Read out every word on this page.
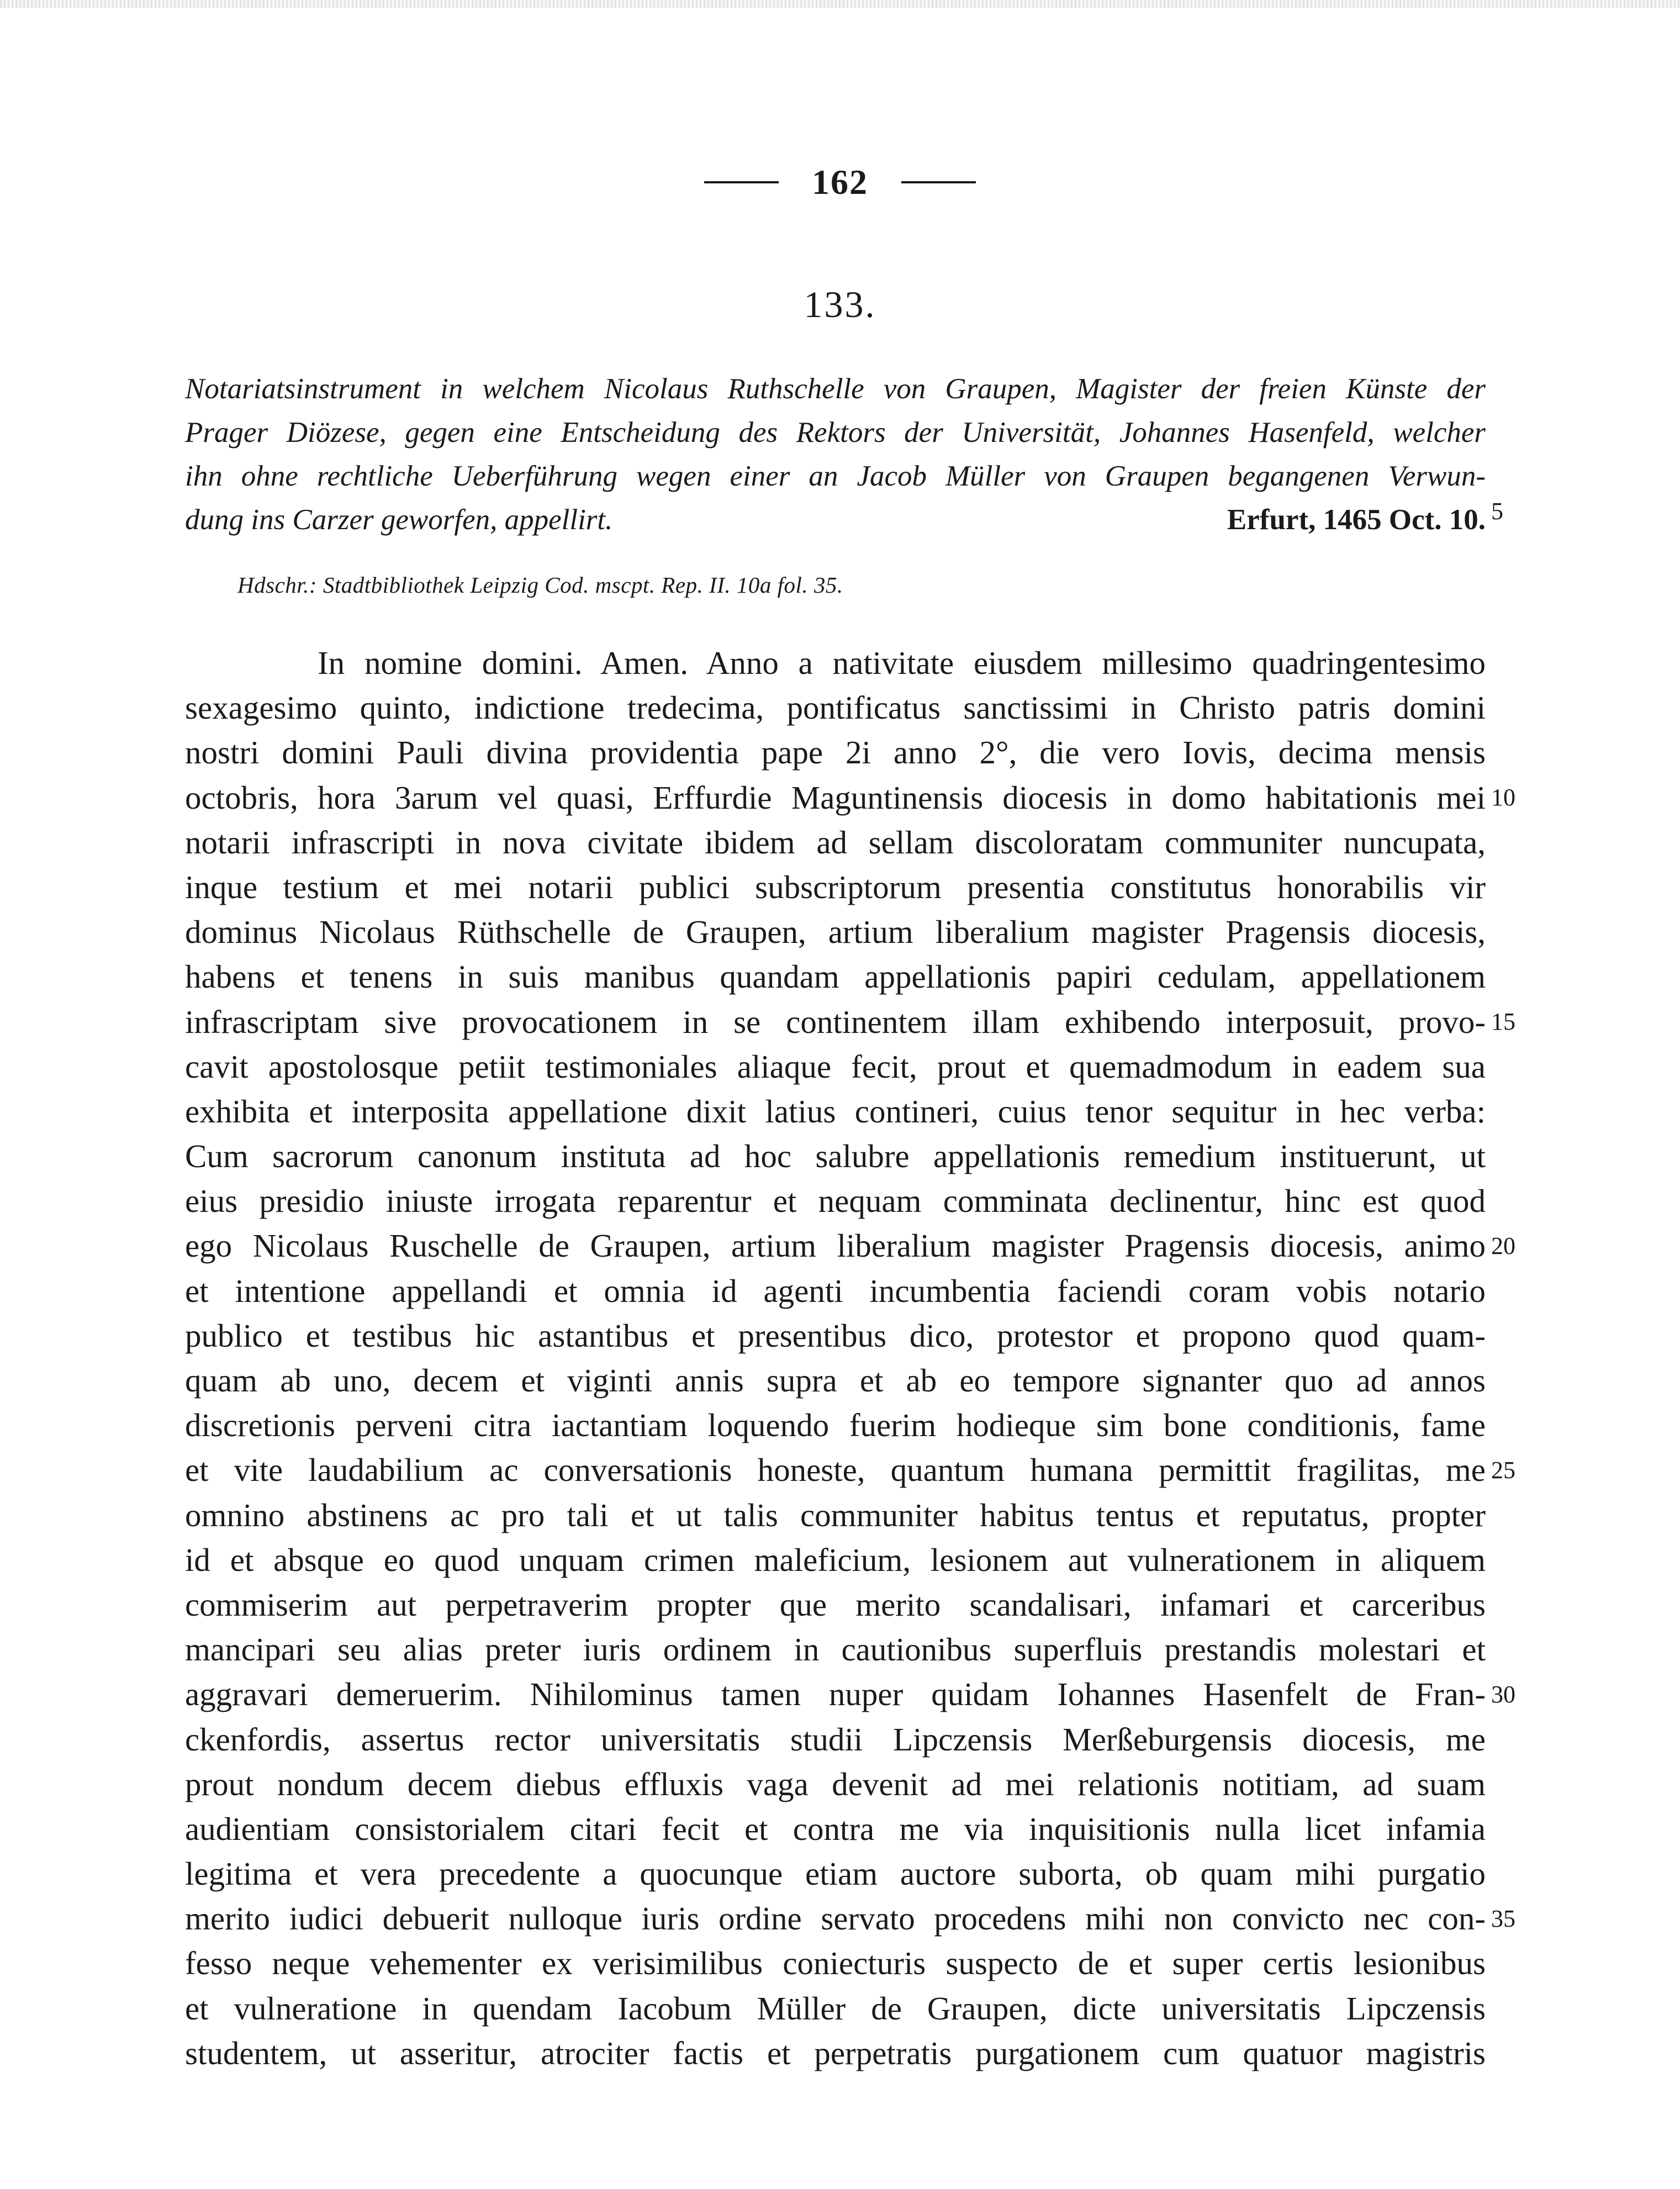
162
133.
Notariatsinstrument in welchem Nicolaus Ruthschelle von Graupen, Magister der freien Künste der
Prager Diözese, gegen eine Entscheidung des Rektors der Universität, Johannes Hasenfeld, welcher
ihn ohne rechtliche Ueberführung wegen einer an Jacob Müller von Graupen begangenen Verwun-
dung ins Carzer geworfen, appellirt.	Erfurt, 1465 Oct. 10.
Hdschr.: Stadtbibliothek Leipzig Cod. mscpt. Rep. II. 10a fol. 35.
In nomine domini. Amen. Anno a nativitate eiusdem millesimo quadringentesimo
sexagesimo quinto, indictione tredecima, pontificatus sanctissimi in Christo patris domini
nostri domini Pauli divina providentia pape 2i anno 2°, die vero Iovis, decima mensis
octobris, hora 3arum vel quasi, Erffurdie Maguntinensis diocesis in domo habitationis mei
notarii infrascripti in nova civitate ibidem ad sellam discoloratam communiter nuncupata,
inque testium et mei notarii publici subscriptorum presentia constitutus honorabilis vir
dominus Nicolaus Rüthschelle de Graupen, artium liberalium magister Pragensis diocesis,
habens et tenens in suis manibus quandam appellationis papiri cedulam, appellationem
infrascriptam sive provocationem in se continentem illam exhibendo interposuit, provo-
cavit apostolosque petiit testimoniales aliaque fecit, prout et quemadmodum in eadem sua
exhibita et interposita appellatione dixit latius contineri, cuius tenor sequitur in hec verba:
Cum sacrorum canonum instituta ad hoc salubre appellationis remedium instituerunt, ut
eius presidio iniuste irrogata reparentur et nequam comminata declinentur, hinc est quod
ego Nicolaus Ruschelle de Graupen, artium liberalium magister Pragensis diocesis, animo
et intentione appellandi et omnia id agenti incumbentia faciendi coram vobis notario
publico et testibus hic astantibus et presentibus dico, protestor et propono quod quam-
quam ab uno, decem et viginti annis supra et ab eo tempore signanter quo ad annos
discretionis perveni citra iactantiam loquendo fuerim hodieque sim bone conditionis, fame
et vite laudabilium ac conversationis honeste, quantum humana permittit fragilitas, me
omnino abstinens ac pro tali et ut talis communiter habitus tentus et reputatus, propter
id et absque eo quod unquam crimen maleficium, lesionem aut vulnerationem in aliquem
commiserim aut perpetraverim propter que merito scandalisari, infamari et carceribus
mancipari seu alias preter iuris ordinem in cautionibus superfluis prestandis molestari et
aggravari demeruerim. Nihilominus tamen nuper quidam Iohannes Hasenfelt de Fran-
ckenfordis, assertus rector universitatis studii Lipczensis Merßeburgensis diocesis, me
prout nondum decem diebus effluxis vaga devenit ad mei relationis notitiam, ad suam
audientiam consistorialem citari fecit et contra me via inquisitionis nulla licet infamia
legitima et vera precedente a quocunque etiam auctore suborta, ob quam mihi purgatio
merito iudici debuerit nulloque iuris ordine servato procedens mihi non convicto nec con-
fesso neque vehementer ex verisimilibus coniecturis suspecto de et super certis lesionibus
et vulneratione in quendam Iacobum Müller de Graupen, dicte universitatis Lipczensis
studentem, ut asseritur, atrociter factis et perpetratis purgationem cum quatuor magistris
5
10
15
20
25
30
35
